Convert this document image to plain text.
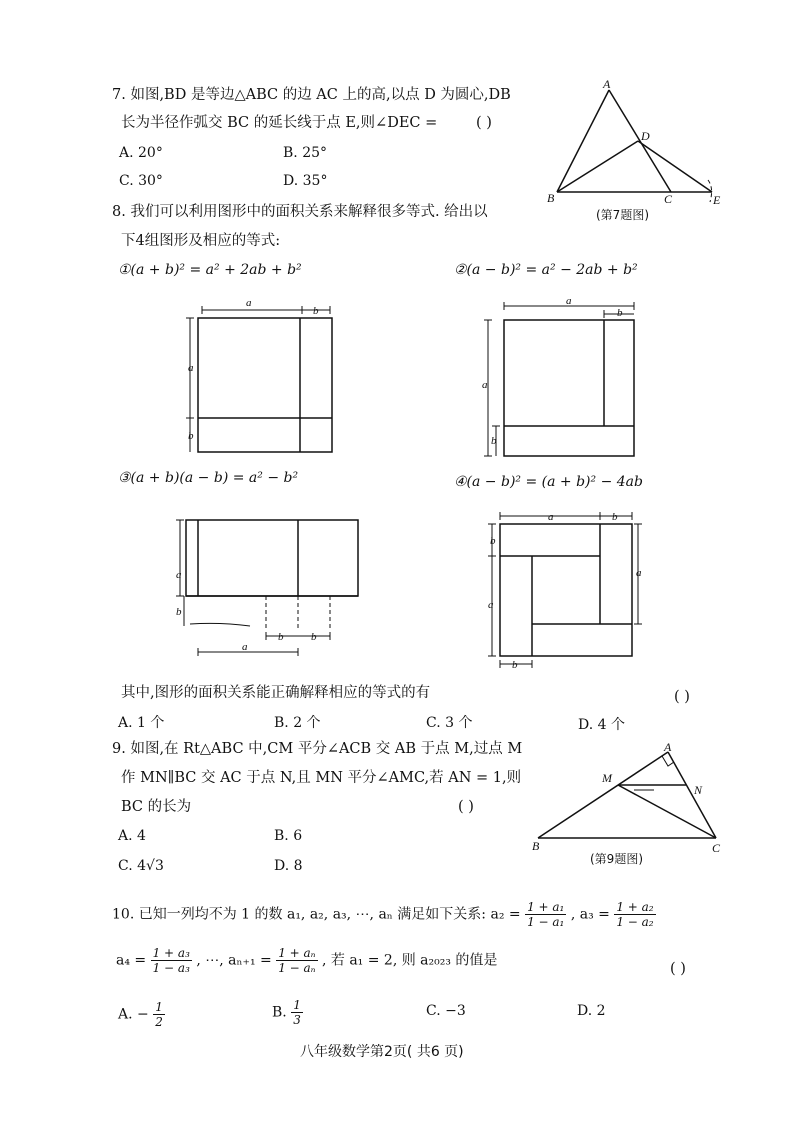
7. 如图,BD 是等边△ABC 的边 AC 上的高,以点 D 为圆心,DB
长为半径作弧交 BC 的延长线于点 E,则∠DEC =	( )
A. 20°	B. 25°
C. 30°	D. 35°
A
B	C
D
E
(第7题图)
8. 我们可以利用图形中的面积关系来解释很多等式. 给出以
下4组图形及相应的等式:
①(a + b)² = a² + 2ab + b²	②(a − b)² = a² − 2ab + b²
a
b
a
b
a
b
a
b
③(a + b)(a − b) = a² − b²	④(a − b)² = (a + b)² − 4ab
a
b
b	b
a
a	b
b
a
a
b
其中,图形的面积关系能正确解释相应的等式的有	( )
A. 1 个	B. 2 个	C. 3 个	D. 4 个
9. 如图,在 Rt△ABC 中,CM 平分∠ACB 交 AB 于点 M,过点 M
作 MN∥BC 交 AC 于点 N,且 MN 平分∠AMC,若 AN = 1,则
BC 的长为	( )
A. 4	B. 6
C. 4√3	D. 8
A
B	C
M
N
(第9题图)
10. 已知一列均不为 1 的数 a₁, a₂, a₃, ⋯, aₙ 满足如下关系: $a_2 = \frac{\text{1 + a₁}}{\text{1 − a₁}}$ , $a_3 = \frac{\text{1 + a₂}}{\text{1 − a₂}}$
$a_4 = \frac{\text{1 + a₃}}{\text{1 − a₃}}$ , ⋯, $a_{n+1} = \frac{\text{1 + aₙ}}{\text{1 − aₙ}}$ , 若 a₁ = 2, 则 a₂₀₂₃ 的值是
( )
A. − $\frac{1}{2}$	B. $\frac{1}{3}$	C. −3	D. 2
八年级数学第2页( 共6 页)
